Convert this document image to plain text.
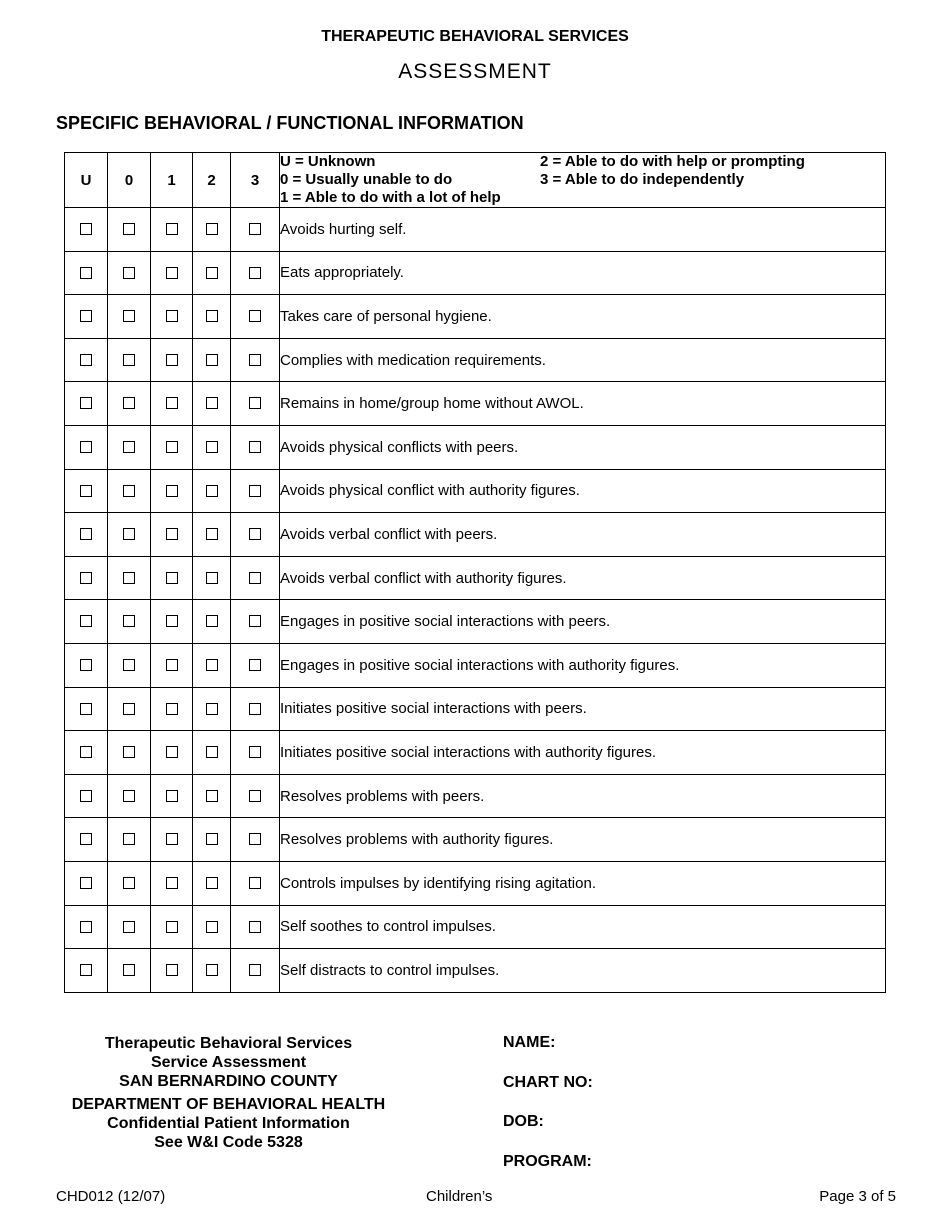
THERAPEUTIC BEHAVIORAL SERVICES
ASSESSMENT
SPECIFIC BEHAVIORAL / FUNCTIONAL INFORMATION
U	0	1	2	3	U = Unknown
0 = Usually unable to do
1 = Able to do with a lot of help
2 = Able to do with help or prompting
3 = Able to do independently

					Avoids hurting self.
					Eats appropriately.
					Takes care of personal hygiene.
					Complies with medication requirements.
					Remains in home/group home without AWOL.
					Avoids physical conflicts with peers.
					Avoids physical conflict with authority figures.
					Avoids verbal conflict with peers.
					Avoids verbal conflict with authority figures.
					Engages in positive social interactions with peers.
					Engages in positive social interactions with authority figures.
					Initiates positive social interactions with peers.
					Initiates positive social interactions with authority figures.
					Resolves problems with peers.
					Resolves problems with authority figures.
					Controls impulses by identifying rising agitation.
					Self soothes to control impulses.
					Self distracts to control impulses.
Therapeutic Behavioral Services
Service Assessment
SAN BERNARDINO COUNTY
DEPARTMENT OF BEHAVIORAL HEALTH
Confidential Patient Information
See W&I Code 5328
NAME:
CHART NO:
DOB:
PROGRAM:
CHD012 (12/07)	Children’s	Page 3 of 5
